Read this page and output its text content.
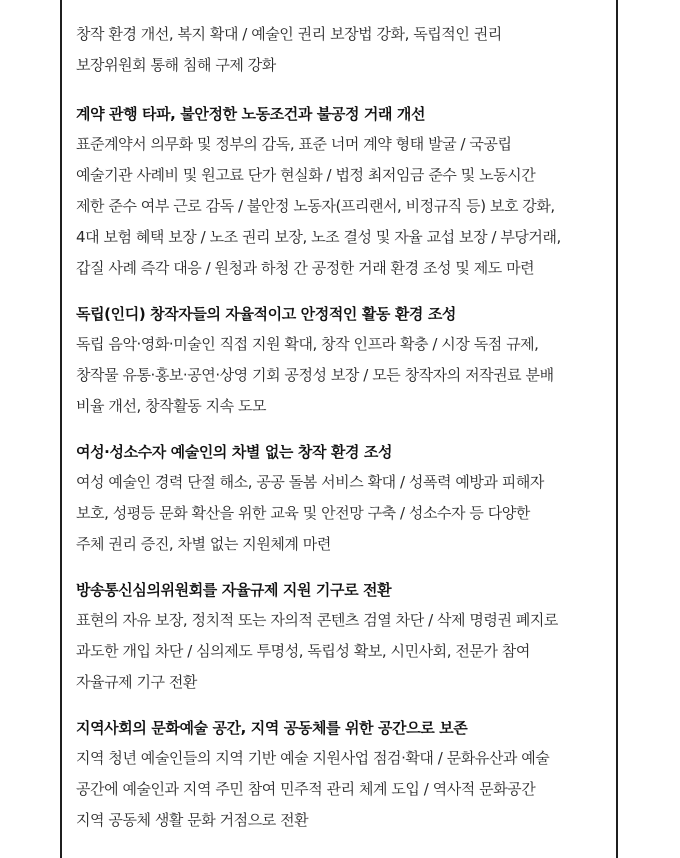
창작 환경 개선, 복지 확대 / 예술인 권리 보장법 강화, 독립적인 권리
보장위원회 통해 침해 구제 강화
계약 관행 타파, 불안정한 노동조건과 불공정 거래 개선
표준계약서 의무화 및 정부의 감독, 표준 너머 계약 형태 발굴 / 국공립
예술기관 사례비 및 원고료 단가 현실화 / 법정 최저임금 준수 및 노동시간
제한 준수 여부 근로 감독 / 불안정 노동자(프리랜서, 비정규직 등) 보호 강화,
4대 보험 혜택 보장 / 노조 권리 보장, 노조 결성 및 자율 교섭 보장 / 부당거래,
갑질 사례 즉각 대응 / 원청과 하청 간 공정한 거래 환경 조성 및 제도 마련
독립(인디) 창작자들의 자율적이고 안정적인 활동 환경 조성
독립 음악·영화·미술인 직접 지원 확대, 창작 인프라 확충 / 시장 독점 규제,
창작물 유통·홍보·공연·상영 기회 공정성 보장 / 모든 창작자의 저작권료 분배
비율 개선, 창작활동 지속 도모
여성·성소수자 예술인의 차별 없는 창작 환경 조성
여성 예술인 경력 단절 해소, 공공 돌봄 서비스 확대 / 성폭력 예방과 피해자
보호, 성평등 문화 확산을 위한 교육 및 안전망 구축 / 성소수자 등 다양한
주체 권리 증진, 차별 없는 지원체계 마련
방송통신심의위원회를 자율규제 지원 기구로 전환
표현의 자유 보장, 정치적 또는 자의적 콘텐츠 검열 차단 / 삭제 명령권 폐지로
과도한 개입 차단 / 심의제도 투명성, 독립성 확보, 시민사회, 전문가 참여
자율규제 기구 전환
지역사회의 문화예술 공간, 지역 공동체를 위한 공간으로 보존
지역 청년 예술인들의 지역 기반 예술 지원사업 점검·확대 / 문화유산과 예술
공간에 예술인과 지역 주민 참여 민주적 관리 체계 도입 / 역사적 문화공간
지역 공동체 생활 문화 거점으로 전환
